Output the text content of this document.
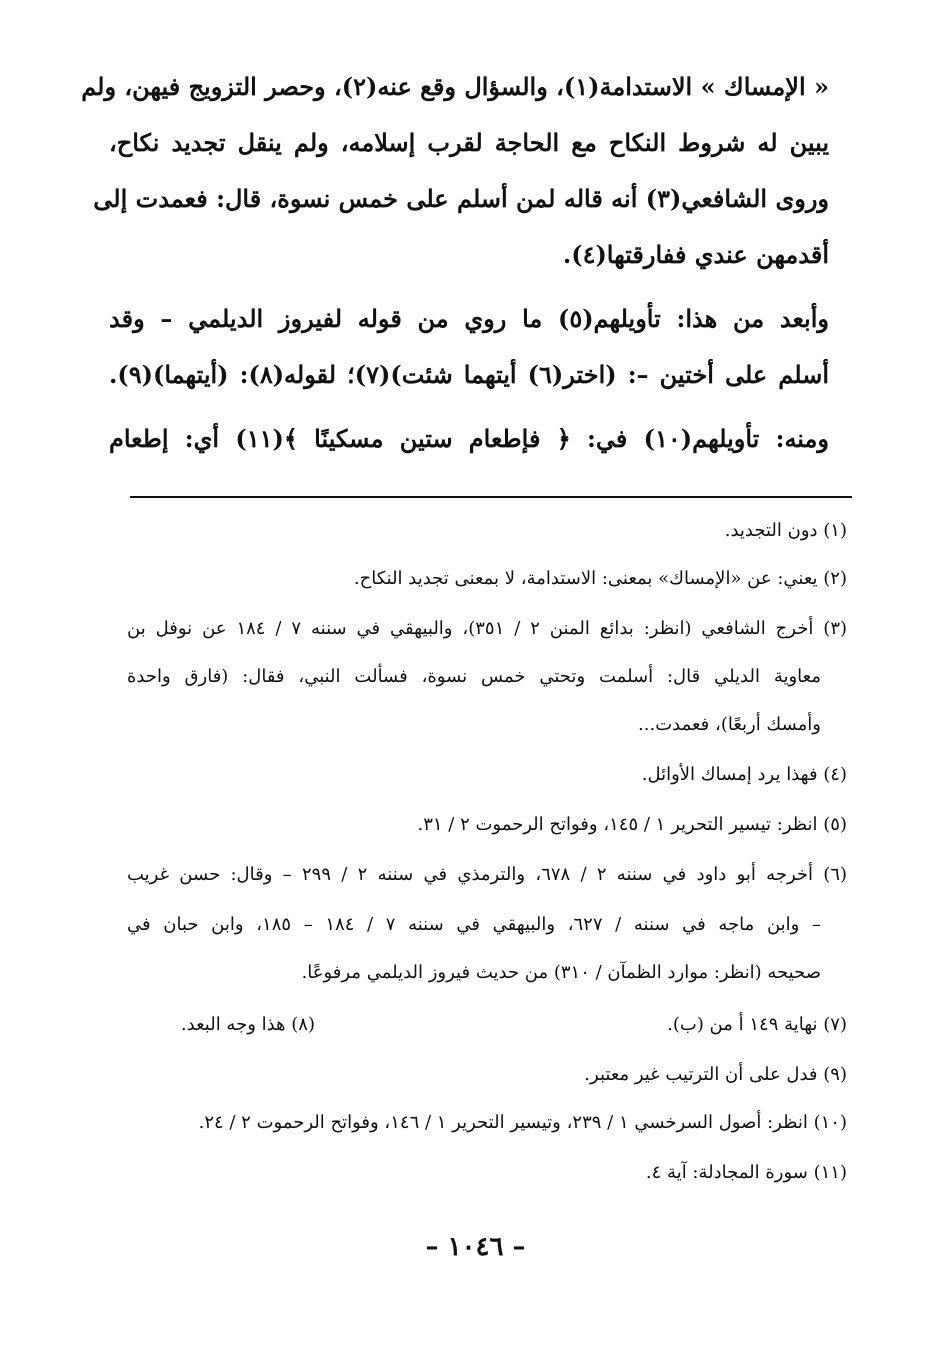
« الإمساك » الاستدامة(١)، والسؤال وقع عنه(٢)، وحصر التزويج فيهن، ولم
يبين له شروط النكاح مع الحاجة لقرب إسلامه، ولم ينقل تجديد نكاح،
وروى الشافعي(٣) أنه قاله لمن أسلم على خمس نسوة، قال: فعمدت إلى
أقدمهن عندي ففارقتها(٤).
وأبعد من هذا: تأويلهم(٥) ما روي من قوله لفيروز الديلمي – وقد
أسلم على أختين –: (اختر(٦) أيتهما شئت)(٧)؛ لقوله(٨): (أيتهما)(٩).
ومنه: تأويلهم(١٠) في: ﴿ فإطعام ستين مسكينًا ﴾(١١) أي: إطعام
(١) دون التجديد.
(٢) يعني: عن «الإمساك» بمعنى: الاستدامة، لا بمعنى تجديد النكاح.
(٣) أخرج الشافعي (انظر: بدائع المنن ٢ / ٣٥١)، والبيهقي في سننه ٧ / ١٨٤ عن نوفل بن
معاوية الديلي قال: أسلمت وتحتي خمس نسوة، فسألت النبي، فقال: (فارق واحدة
وأمسك أربعًا)، فعمدت...
(٤) فهذا يرد إمساك الأوائل.
(٥) انظر: تيسير التحرير ١ / ١٤٥، وفواتح الرحموت ٢ / ٣١.
(٦) أخرجه أبو داود في سننه ٢ / ٦٧٨، والترمذي في سننه ٢ / ٢٩٩ – وقال: حسن غريب
– وابن ماجه في سننه / ٦٢٧، والبيهقي في سننه ٧ / ١٨٤ – ١٨٥، وابن حبان في
صحيحه (انظر: موارد الظمآن / ٣١٠) من حديث فيروز الديلمي مرفوعًا.
(٧) نهاية ١٤٩ أ من (ب).
(٨) هذا وجه البعد.
(٩) فدل على أن الترتيب غير معتبر.
(١٠) انظر: أصول السرخسي ١ / ٢٣٩، وتيسير التحرير ١ / ١٤٦، وفواتح الرحموت ٢ / ٢٤.
(١١) سورة المجادلة: آية ٤.
– ١٠٤٦ –
